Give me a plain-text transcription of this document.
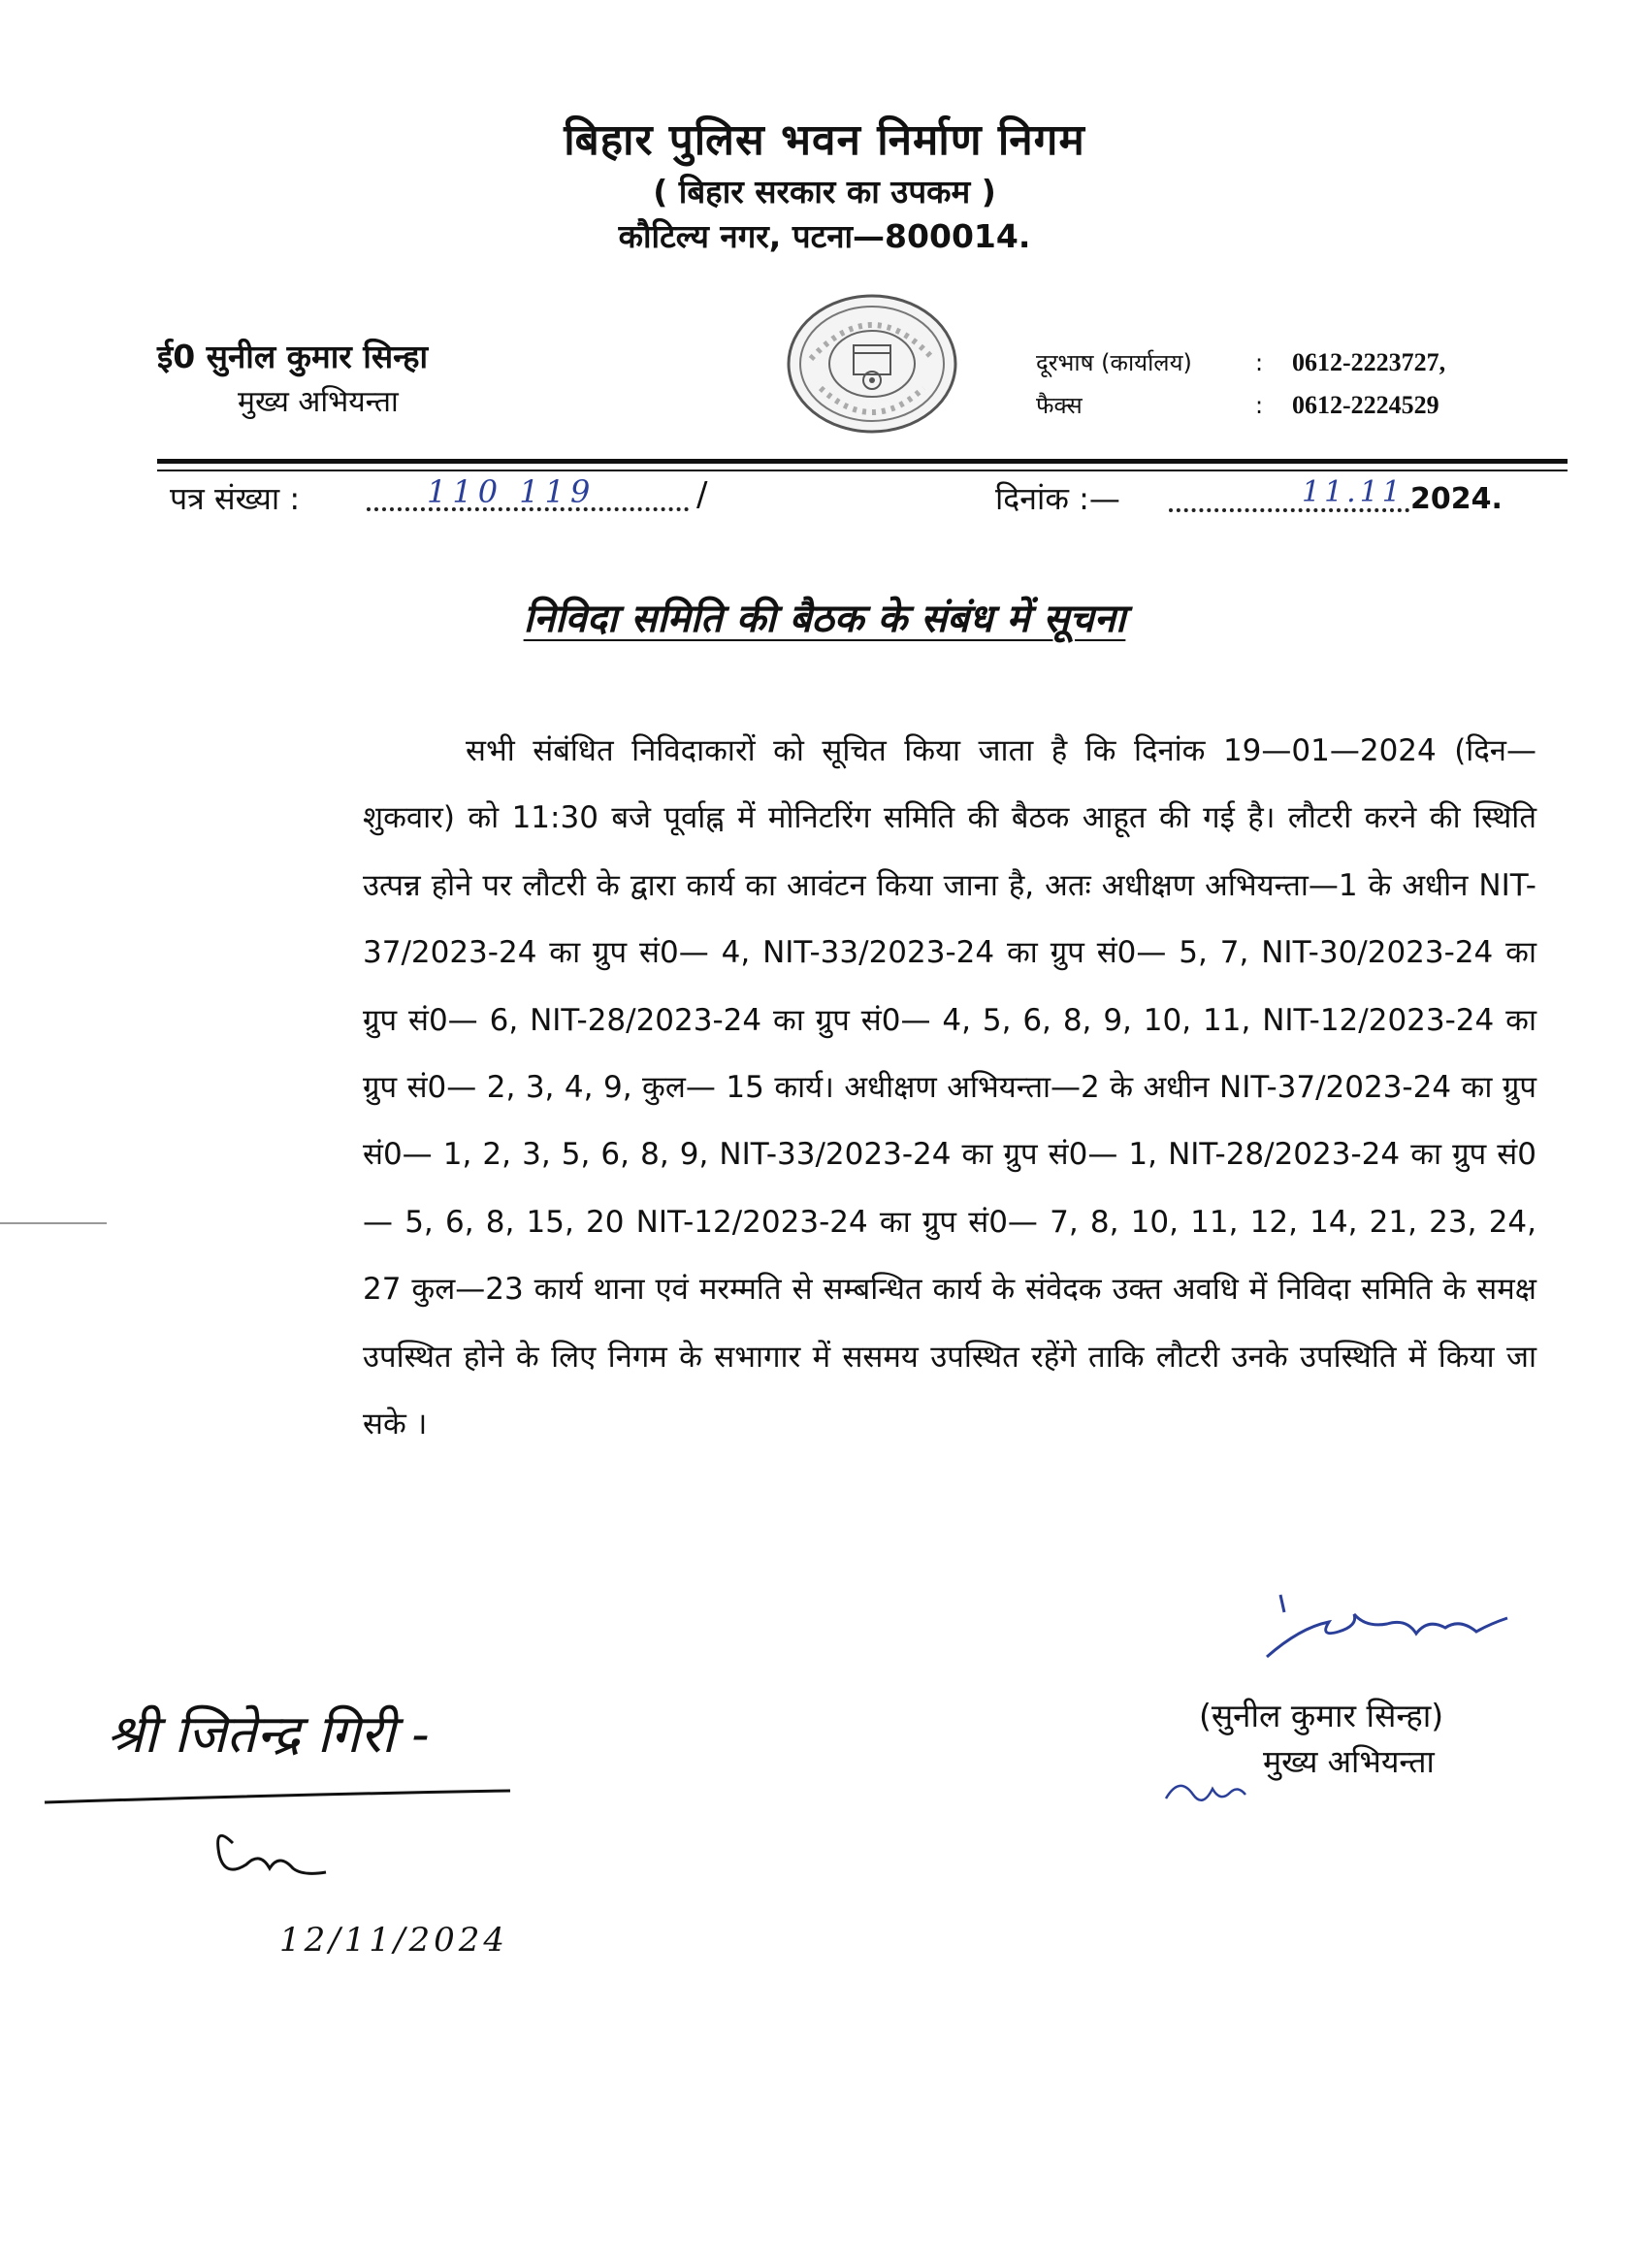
बिहार पुलिस भवन निर्माण निगम
( बिहार सरकार का उपकम )
कौटिल्य नगर, पटना—800014.
ई0 सुनील कुमार सिन्हा
मुख्य अभियन्ता
दूरभाष (कार्यालय)	:	0612-2223727,
फैक्स	:	0612-2224529
पत्र संख्या :	110 119	/	दिनांक :—	11.11 2024.
निविदा समिति की बैठक के संबंध में सूचना

सभी संबंधित निविदाकारों को सूचित किया जाता है कि दिनांक 19—01—2024 (दिन— शुकवार) को 11:30 बजे पूर्वाह्न में मोनिटरिंग समिति की बैठक आहूत की गई है। लौटरी करने की स्थिति उत्पन्न होने पर लौटरी के द्वारा कार्य का आवंटन किया जाना है, अतः अधीक्षण अभियन्ता—1 के अधीन NIT-37/2023-24 का ग्रुप सं0— 4, NIT-33/2023-24 का ग्रुप सं0— 5, 7, NIT-30/2023-24 का ग्रुप सं0— 6, NIT-28/2023-24 का ग्रुप सं0— 4, 5, 6, 8, 9, 10, 11, NIT-12/2023-24 का ग्रुप सं0— 2, 3, 4, 9, कुल— 15 कार्य। अधीक्षण अभियन्ता—2 के अधीन NIT-37/2023-24 का ग्रुप सं0— 1, 2, 3, 5, 6, 8, 9, NIT-33/2023-24 का ग्रुप सं0— 1, NIT-28/2023-24 का ग्रुप सं0— 5, 6, 8, 15, 20 NIT-12/2023-24 का ग्रुप सं0— 7, 8, 10, 11, 12, 14, 21, 23, 24, 27 कुल—23 कार्य थाना एवं मरम्मति से सम्बन्धित कार्य के संवेदक उक्त अवधि में निविदा समिति के समक्ष उपस्थित होने के लिए निगम के सभागार में ससमय उपस्थित रहेंगे ताकि लौटरी उनके उपस्थिति में किया जा सके ।

(सुनील कुमार सिन्हा)
मुख्य अभियन्ता
श्री जितेन्द्र गिरी -
12/11/2024
